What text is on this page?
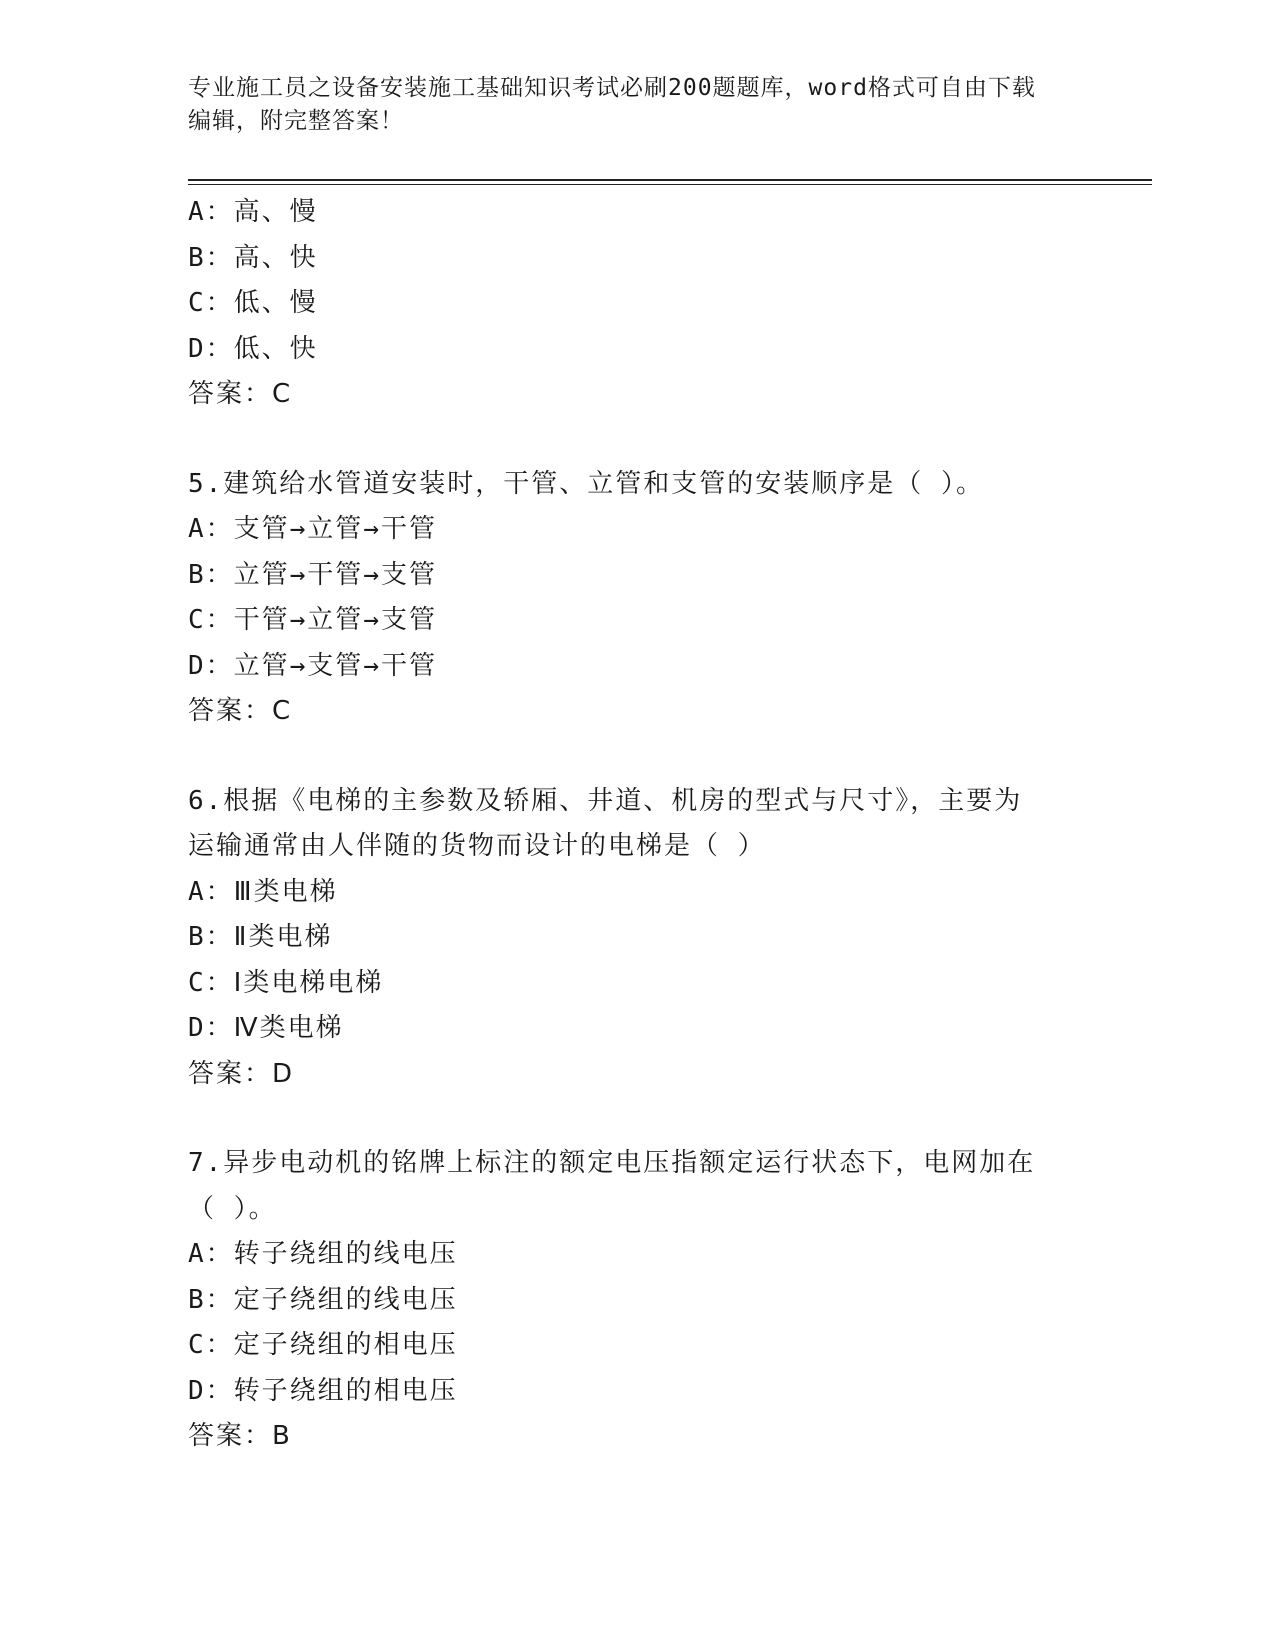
专业施工员之设备安装施工基础知识考试必刷200题题库，word格式可自由下载
编辑，附完整答案！
A：高、慢
B：高、快
C：低、慢
D：低、快
答案：C
5.建筑给水管道安装时，干管、立管和支管的安装顺序是（ ）。
A：支管→立管→干管
B：立管→干管→支管
C：干管→立管→支管
D：立管→支管→干管
答案：C
6.根据《电梯的主参数及轿厢、井道、机房的型式与尺寸》，主要为
运输通常由人伴随的货物而设计的电梯是（ ）
A：Ⅲ类电梯
B：Ⅱ类电梯
C：Ⅰ类电梯电梯
D：Ⅳ类电梯
答案：D
7.异步电动机的铭牌上标注的额定电压指额定运行状态下，电网加在
（ ）。
A：转子绕组的线电压
B：定子绕组的线电压
C：定子绕组的相电压
D：转子绕组的相电压
答案：B
